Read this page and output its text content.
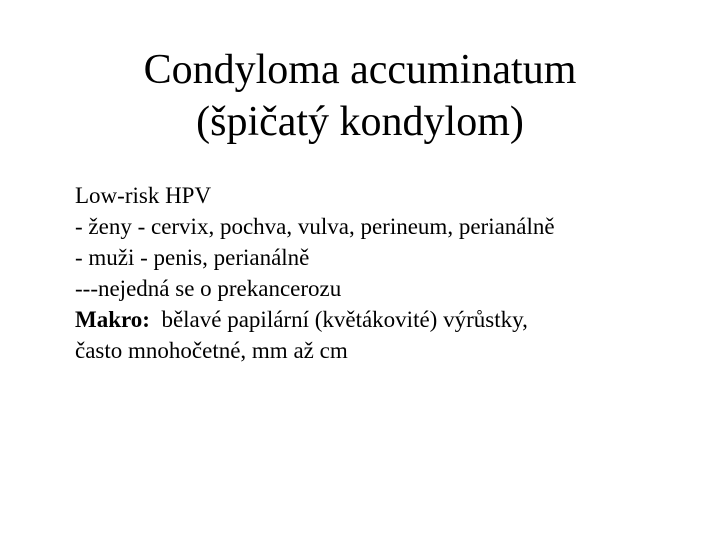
Condyloma accuminatum
(špičatý kondylom)
Low-risk HPV
- ženy - cervix, pochva, vulva, perineum, perianálně
- muži - penis, perianálně
---nejedná se o prekancerozu
Makro:  bělavé papilární (květákovité) výrůstky,
často mnohočetné, mm až cm
